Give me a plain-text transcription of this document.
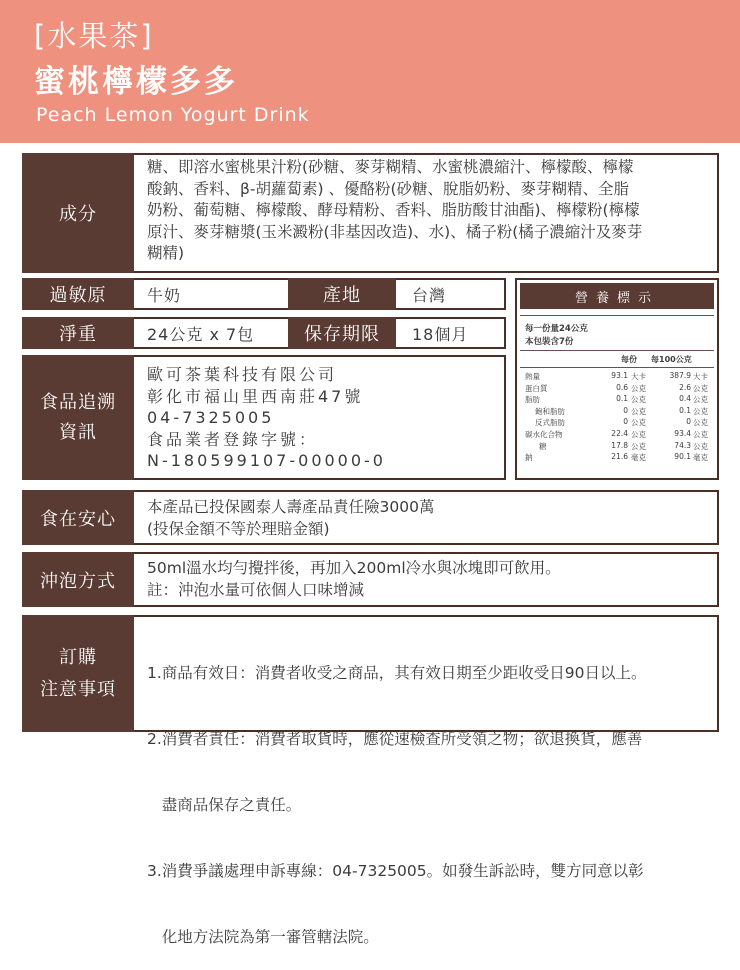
[水果茶]
蜜桃檸檬多多
Peach Lemon Yogurt Drink
成分
糖、即溶水蜜桃果汁粉(砂糖、麥芽糊精、水蜜桃濃縮汁、檸檬酸、檸檬
酸鈉、香料、β-胡蘿蔔素) 、優酪粉(砂糖、脫脂奶粉、麥芽糊精、全脂
奶粉、葡萄糖、檸檬酸、酵母精粉、香料、脂肪酸甘油酯)、檸檬粉(檸檬
原汁、麥芽糖漿(玉米澱粉(非基因改造)、水)、橘子粉(橘子濃縮汁及麥芽
糊精)
過敏原	牛奶	產地	台灣
淨重	24公克 x 7包	保存期限	18個月
食品追溯
資訊
歐可茶葉科技有限公司
彰化市福山里西南莊47號
04-7325005
食品業者登錄字號：
N-180599107-00000-0
營養標示
每一份量24公克
本包裝含7份
每份 每100公克
熱量	93.1 大卡	387.9 大卡
蛋白質	0.6 公克	2.6 公克
脂肪	0.1 公克	0.4 公克
飽和脂肪	0 公克	0.1 公克
反式脂肪	0 公克	0 公克
碳水化合物	22.4 公克	93.4 公克
糖	17.8 公克	74.3 公克
鈉	21.6 毫克	90.1 毫克
食在安心
本產品已投保國泰人壽產品責任險3000萬
(投保金額不等於理賠金額)
沖泡方式
50ml溫水均勻攪拌後，再加入200ml冷水與冰塊即可飲用。
註：沖泡水量可依個人口味增減
訂購
注意事項

1.商品有效日：消費者收受之商品，其有效日期至少距收受日90日以上。

2.消費者責任：消費者取貨時，應從速檢查所受領之物；欲退換貨，應善

盡商品保存之責任。

3.消費爭議處理申訴專線：04-7325005。如發生訴訟時，雙方同意以彰

化地方法院為第一審管轄法院。
